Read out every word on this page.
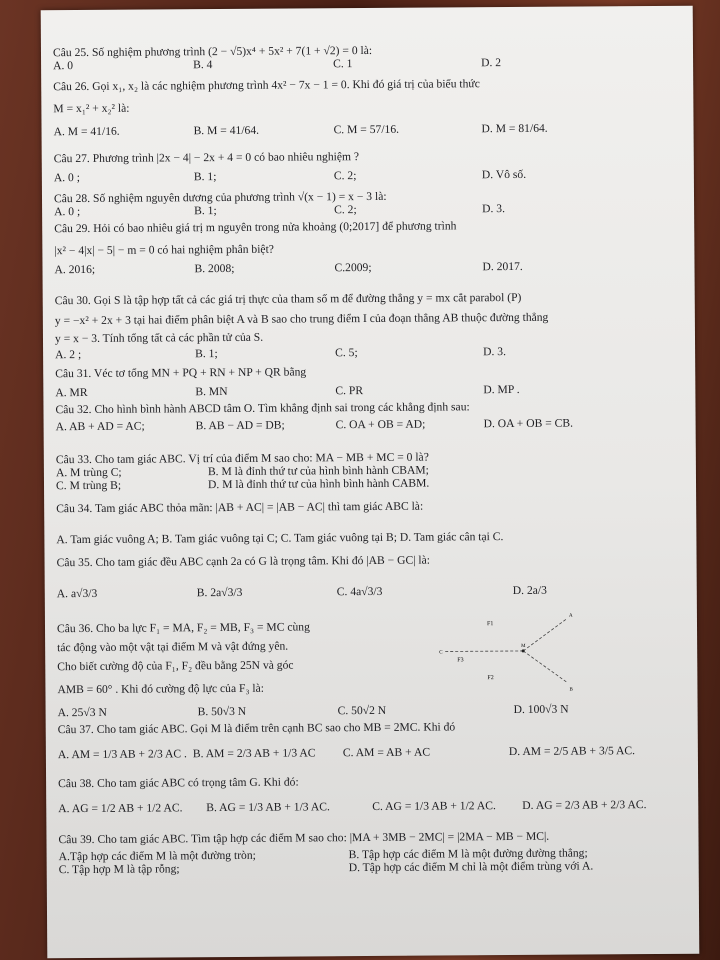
Câu 25. Số nghiệm phương trình (2 − √5)x⁴ + 5x² + 7(1 + √2) = 0 là:
A. 0	B. 4	C. 1	D. 2
Câu 26. Gọi x₁, x₂ là các nghiệm phương trình 4x² − 7x − 1 = 0. Khi đó giá trị của biểu thức
M = x₁² + x₂² là:
A. M = 41/16.	B. M = 41/64.	C. M = 57/16.	D. M = 81/64.
Câu 27. Phương trình |2x − 4| − 2x + 4 = 0 có bao nhiêu nghiệm ?
A. 0 ;	B. 1;	C. 2;	D. Vô số.
Câu 28. Số nghiệm nguyên dương của phương trình √(x − 1) = x − 3 là:
A. 0 ;	B. 1;	C. 2;	D. 3.
Câu 29. Hỏi có bao nhiêu giá trị m nguyên trong nửa khoảng (0;2017] để phương trình
|x² − 4|x| − 5| − m = 0 có hai nghiệm phân biệt?
A. 2016;	B. 2008;	C.2009;	D. 2017.
Câu 30. Gọi S là tập hợp tất cả các giá trị thực của tham số m để đường thẳng y = mx cắt parabol (P)
y = −x² + 2x + 3 tại hai điểm phân biệt A và B sao cho trung điểm I của đoạn thẳng AB thuộc đường thẳng
y = x − 3. Tính tổng tất cả các phần tử của S.
A. 2 ;	B. 1;	C. 5;	D. 3.
Câu 31. Véc tơ tổng MN + PQ + RN + NP + QR bằng
A. MR	B. MN	C. PR	D. MP .
Câu 32. Cho hình bình hành ABCD tâm O. Tìm khẳng định sai trong các khẳng định sau:
A. AB + AD = AC;	B. AB − AD = DB;	C. OA + OB = AD;	D. OA + OB = CB.
Câu 33. Cho tam giác ABC. Vị trí của điểm M sao cho: MA − MB + MC = 0 là?
A. M trùng C;	B. M là đỉnh thứ tư của hình bình hành CBAM;
C. M trùng B;	D. M là đỉnh thứ tư của hình bình hành CABM.
Câu 34. Tam giác ABC thỏa mãn: |AB + AC| = |AB − AC| thì tam giác ABC là:
A. Tam giác vuông A; B. Tam giác vuông tại C; C. Tam giác vuông tại B; D. Tam giác cân tại C.
Câu 35. Cho tam giác đều ABC cạnh 2a có G là trọng tâm. Khi đó |AB − GC| là:
A. a√3/3	B. 2a√3/3	C. 4a√3/3	D. 2a/3
Câu 36. Cho ba lực F₁ = MA, F₂ = MB, F₃ = MC cùng
tác động vào một vật tại điểm M và vật đứng yên.
Cho biết cường độ của F₁, F₂ đều bằng 25N và góc
AMB = 60° . Khi đó cường độ lực của F₃ là:
F1
F2
F3
A
M
C
B
A. 25√3 N	B. 50√3 N	C. 50√2 N	D. 100√3 N
Câu 37. Cho tam giác ABC. Gọi M là điểm trên cạnh BC sao cho MB = 2MC. Khi đó
A. AM = 1/3 AB + 2/3 AC . B. AM = 2/3 AB + 1/3 AC	C. AM = AB + AC	D. AM = 2/5 AB + 3/5 AC.
Câu 38. Cho tam giác ABC có trọng tâm G. Khi đó:
A. AG = 1/2 AB + 1/2 AC.	B. AG = 1/3 AB + 1/3 AC.	C. AG = 1/3 AB + 1/2 AC.	D. AG = 2/3 AB + 2/3 AC.
Câu 39. Cho tam giác ABC. Tìm tập hợp các điểm M sao cho: |MA + 3MB − 2MC| = |2MA − MB − MC|.
A.Tập hợp các điểm M là một đường tròn;	B. Tập hợp các điểm M là một đường đường thẳng;
C. Tập hợp M là tập rỗng;	D. Tập hợp các điểm M chỉ là một điểm trùng với A.
